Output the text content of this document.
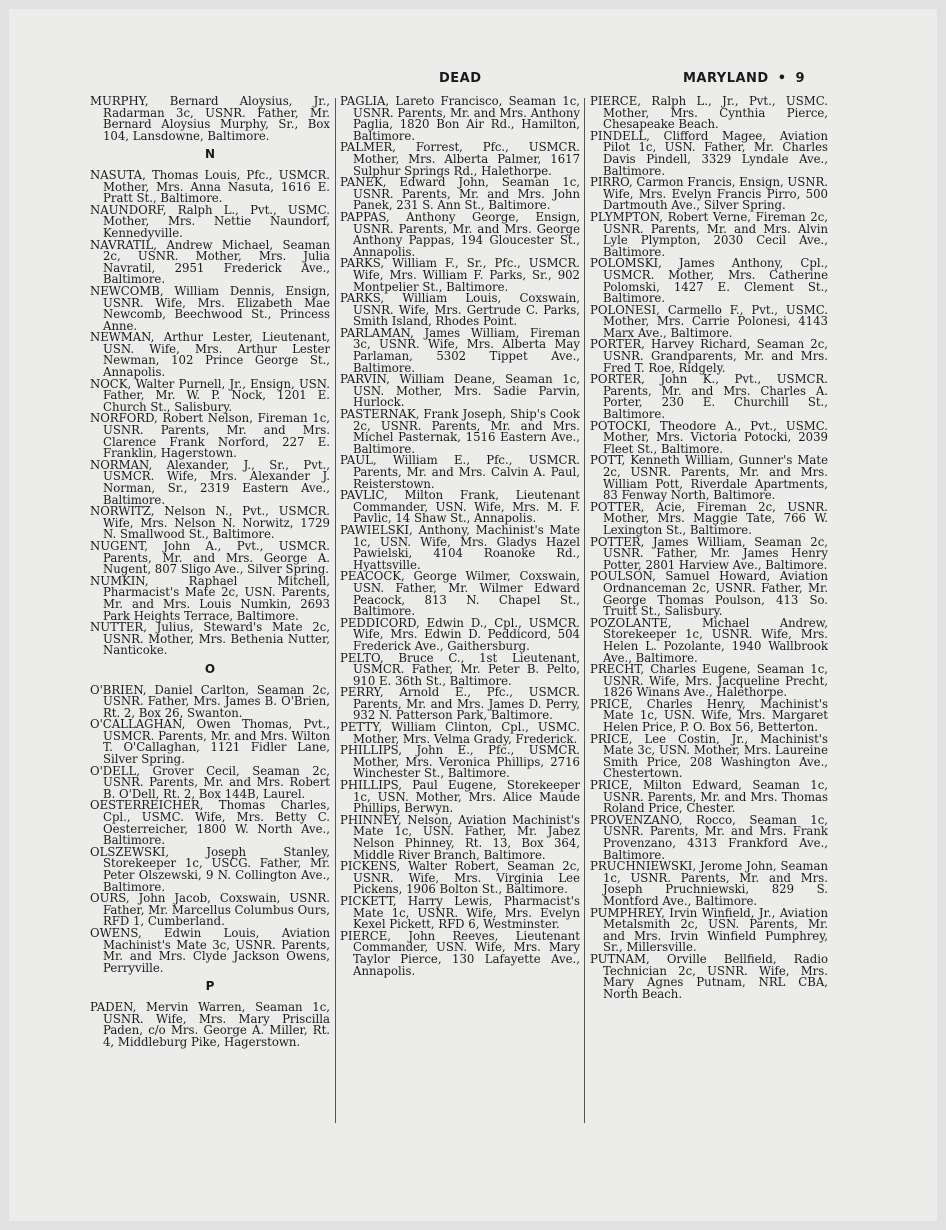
DEAD	MARYLAND • 9

MURPHY, Bernard Aloysius, Jr., Radarman 3c, USNR. Father, Mr. Bernard Aloysius Murphy, Sr., Box 104, Lansdowne, Baltimore.

N

NASUTA, Thomas Louis, Pfc., USMCR. Mother, Mrs. Anna Nasuta, 1616 E. Pratt St., Baltimore.

NAUNDORF, Ralph L., Pvt., USMC. Mother, Mrs. Nettie Naundorf, Kennedyville.

NAVRATIL, Andrew Michael, Seaman 2c, USNR. Mother, Mrs. Julia Navratil, 2951 Frederick Ave., Baltimore.

NEWCOMB, William Dennis, Ensign, USNR. Wife, Mrs. Elizabeth Mae Newcomb, Beechwood St., Princess Anne.

NEWMAN, Arthur Lester, Lieutenant, USN. Wife, Mrs. Arthur Lester Newman, 102 Prince George St., Annapolis.

NOCK, Walter Purnell, Jr., Ensign, USN. Father, Mr. W. P. Nock, 1201 E. Church St., Salisbury.

NORFORD, Robert Nelson, Fireman 1c, USNR. Parents, Mr. and Mrs. Clarence Frank Norford, 227 E. Franklin, Hagerstown.

NORMAN, Alexander, J., Sr., Pvt., USMCR. Wife, Mrs. Alexander J. Norman, Sr., 2319 Eastern Ave., Baltimore.

NORWITZ, Nelson N., Pvt., USMCR. Wife, Mrs. Nelson N. Norwitz, 1729 N. Smallwood St., Baltimore.

NUGENT, John A., Pvt., USMCR. Parents, Mr. and Mrs. George A. Nugent, 807 Sligo Ave., Silver Spring.

NUMKIN, Raphael Mitchell, Pharmacist's Mate 2c, USN. Parents, Mr. and Mrs. Louis Numkin, 2693 Park Heights Terrace, Baltimore.

NUTTER, Julius, Steward's Mate 2c, USNR. Mother, Mrs. Bethenia Nutter, Nanticoke.

O

O'BRIEN, Daniel Carlton, Seaman 2c, USNR. Father, Mrs. James B. O'Brien, Rt. 2, Box 26, Swanton.

O'CALLAGHAN, Owen Thomas, Pvt., USMCR. Parents, Mr. and Mrs. Wilton T. O'Callaghan, 1121 Fidler Lane, Silver Spring.

O'DELL, Grover Cecil, Seaman 2c, USNR. Parents, Mr. and Mrs. Robert B. O'Dell, Rt. 2, Box 144B, Laurel.

OESTERREICHER, Thomas Charles, Cpl., USMC. Wife, Mrs. Betty C. Oesterreicher, 1800 W. North Ave., Baltimore.

OLSZEWSKI, Joseph Stanley, Storekeeper 1c, USCG. Father, Mr. Peter Olszewski, 9 N. Collington Ave., Baltimore.

OURS, John Jacob, Coxswain, USNR. Father, Mr. Marcellus Columbus Ours, RFD 1, Cumberland.

OWENS, Edwin Louis, Aviation Machinist's Mate 3c, USNR. Parents, Mr. and Mrs. Clyde Jackson Owens, Perryville.

P

PADEN, Mervin Warren, Seaman 1c, USNR. Wife, Mrs. Mary Priscilla Paden, c/o Mrs. George A. Miller, Rt. 4, Middleburg Pike, Hagerstown.

PAGLIA, Lareto Francisco, Seaman 1c, USNR. Parents, Mr. and Mrs. Anthony Paglia, 1820 Bon Air Rd., Hamilton, Baltimore.

PALMER, Forrest, Pfc., USMCR. Mother, Mrs. Alberta Palmer, 1617 Sulphur Springs Rd., Halethorpe.

PANEK, Edward John, Seaman 1c, USNR. Parents, Mr. and Mrs. John Panek, 231 S. Ann St., Baltimore.

PAPPAS, Anthony George, Ensign, USNR. Parents, Mr. and Mrs. George Anthony Pappas, 194 Gloucester St., Annapolis.

PARKS, William F., Sr., Pfc., USMCR. Wife, Mrs. William F. Parks, Sr., 902 Montpelier St., Baltimore.

PARKS, William Louis, Coxswain, USNR. Wife, Mrs. Gertrude C. Parks, Smith Island, Rhodes Point.

PARLAMAN, James William, Fireman 3c, USNR. Wife, Mrs. Alberta May Parlaman, 5302 Tippet Ave., Baltimore.

PARVIN, William Deane, Seaman 1c, USN. Mother, Mrs. Sadie Parvin, Hurlock.

PASTERNAK, Frank Joseph, Ship's Cook 2c, USNR. Parents, Mr. and Mrs. Michel Pasternak, 1516 Eastern Ave., Baltimore.

PAUL, William E., Pfc., USMCR. Parents, Mr. and Mrs. Calvin A. Paul, Reisterstown.

PAVLIC, Milton Frank, Lieutenant Commander, USN. Wife, Mrs. M. F. Pavlic, 14 Shaw St., Annapolis.

PAWIELSKI, Anthony, Machinist's Mate 1c, USN. Wife, Mrs. Gladys Hazel Pawielski, 4104 Roanoke Rd., Hyattsville.

PEACOCK, George Wilmer, Coxswain, USN. Father, Mr. Wilmer Edward Peacock, 813 N. Chapel St., Baltimore.

PEDDICORD, Edwin D., Cpl., USMCR. Wife, Mrs. Edwin D. Peddicord, 504 Frederick Ave., Gaithersburg.

PELTO, Bruce C., 1st Lieutenant, USMCR. Father, Mr. Peter B. Pelto, 910 E. 36th St., Baltimore.

PERRY, Arnold E., Pfc., USMCR. Parents, Mr. and Mrs. James D. Perry, 932 N. Patterson Park, Baltimore.

PETTY, William Clinton, Cpl., USMC. Mother, Mrs. Velma Grady, Frederick.

PHILLIPS, John E., Pfc., USMCR. Mother, Mrs. Veronica Phillips, 2716 Winchester St., Baltimore.

PHILLIPS, Paul Eugene, Storekeeper 1c, USN. Mother, Mrs. Alice Maude Phillips, Berwyn.

PHINNEY, Nelson, Aviation Machinist's Mate 1c, USN. Father, Mr. Jabez Nelson Phinney, Rt. 13, Box 364, Middle River Branch, Baltimore.

PICKENS, Walter Robert, Seaman 2c, USNR. Wife, Mrs. Virginia Lee Pickens, 1906 Bolton St., Baltimore.

PICKETT, Harry Lewis, Pharmacist's Mate 1c, USNR. Wife, Mrs. Evelyn Kexel Pickett, RFD 6, Westminster.

PIERCE, John Reeves, Lieutenant Commander, USN. Wife, Mrs. Mary Taylor Pierce, 130 Lafayette Ave., Annapolis.

PIERCE, Ralph L., Jr., Pvt., USMC. Mother, Mrs. Cynthia Pierce, Chesapeake Beach.

PINDELL, Clifford Magee, Aviation Pilot 1c, USN. Father, Mr. Charles Davis Pindell, 3329 Lyndale Ave., Baltimore.

PIRRO, Carmon Francis, Ensign, USNR. Wife, Mrs. Evelyn Francis Pirro, 500 Dartmouth Ave., Silver Spring.

PLYMPTON, Robert Verne, Fireman 2c, USNR. Parents, Mr. and Mrs. Alvin Lyle Plympton, 2030 Cecil Ave., Baltimore.

POLOMSKI, James Anthony, Cpl., USMCR. Mother, Mrs. Catherine Polomski, 1427 E. Clement St., Baltimore.

POLONESI, Carmello F., Pvt., USMC. Mother, Mrs. Carrie Polonesi, 4143 Marx Ave., Baltimore.

PORTER, Harvey Richard, Seaman 2c, USNR. Grandparents, Mr. and Mrs. Fred T. Roe, Ridgely.

PORTER, John K., Pvt., USMCR. Parents, Mr. and Mrs. Charles A. Porter, 230 E. Churchill St., Baltimore.

POTOCKI, Theodore A., Pvt., USMC. Mother, Mrs. Victoria Potocki, 2039 Fleet St., Baltimore.

POTT, Kenneth William, Gunner's Mate 2c, USNR. Parents, Mr. and Mrs. William Pott, Riverdale Apartments, 83 Fenway North, Baltimore.

POTTER, Acie, Fireman 2c, USNR. Mother, Mrs. Maggie Tate, 766 W. Lexington St., Baltimore.

POTTER, James William, Seaman 2c, USNR. Father, Mr. James Henry Potter, 2801 Harview Ave., Baltimore.

POULSON, Samuel Howard, Aviation Ordnanceman 2c, USNR. Father, Mr. George Thomas Poulson, 413 So. Truitt St., Salisbury.

POZOLANTE, Michael Andrew, Storekeeper 1c, USNR. Wife, Mrs. Helen L. Pozolante, 1940 Wallbrook Ave., Baltimore.

PRECHT, Charles Eugene, Seaman 1c, USNR. Wife, Mrs. Jacqueline Precht, 1826 Winans Ave., Halethorpe.

PRICE, Charles Henry, Machinist's Mate 1c, USN. Wife, Mrs. Margaret Helen Price, P. O. Box 56, Betterton.

PRICE, Lee Costin, Jr., Machinist's Mate 3c, USN. Mother, Mrs. Laureine Smith Price, 208 Washington Ave., Chestertown.

PRICE, Milton Edward, Seaman 1c, USNR. Parents, Mr. and Mrs. Thomas Roland Price, Chester.

PROVENZANO, Rocco, Seaman 1c, USNR. Parents, Mr. and Mrs. Frank Provenzano, 4313 Frankford Ave., Baltimore.

PRUCHNIEWSKI, Jerome John, Seaman 1c, USNR. Parents, Mr. and Mrs. Joseph Pruchniewski, 829 S. Montford Ave., Baltimore.

PUMPHREY, Irvin Winfield, Jr., Aviation Metalsmith 2c, USN. Parents, Mr. and Mrs. Irvin Winfield Pumphrey, Sr., Millersville.

PUTNAM, Orville Bellfield, Radio Technician 2c, USNR. Wife, Mrs. Mary Agnes Putnam, NRL CBA, North Beach.
